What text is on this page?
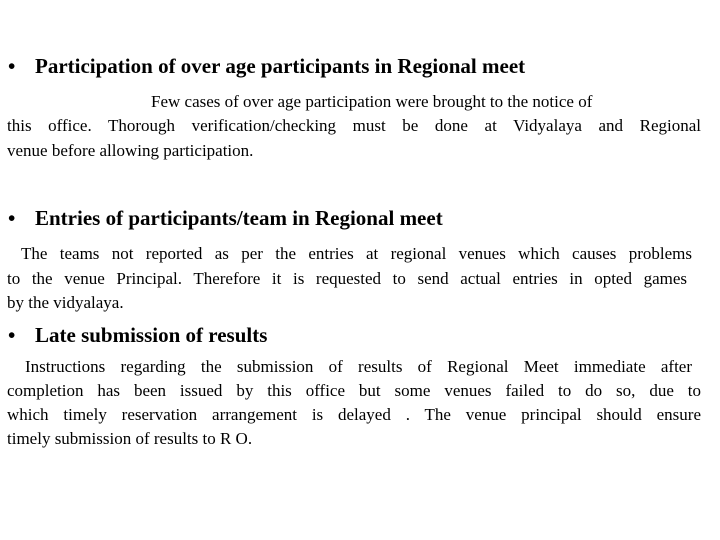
• Participation of over age participants in Regional meet
Few cases of over age participation were brought to the notice of
this office. Thorough verification/checking must be done at Vidyalaya and Regional
venue before allowing participation.
• Entries of participants/team in Regional meet
The teams not reported as per the entries at regional venues which causes problems
to the venue Principal. Therefore it is requested to send actual entries in opted games
by the vidyalaya.
• Late submission of results
Instructions regarding the submission of results of Regional Meet immediate after
completion has been issued by this office but some venues failed to do so, due to
which timely reservation arrangement is delayed . The venue principal should ensure
timely submission of results to R O.
